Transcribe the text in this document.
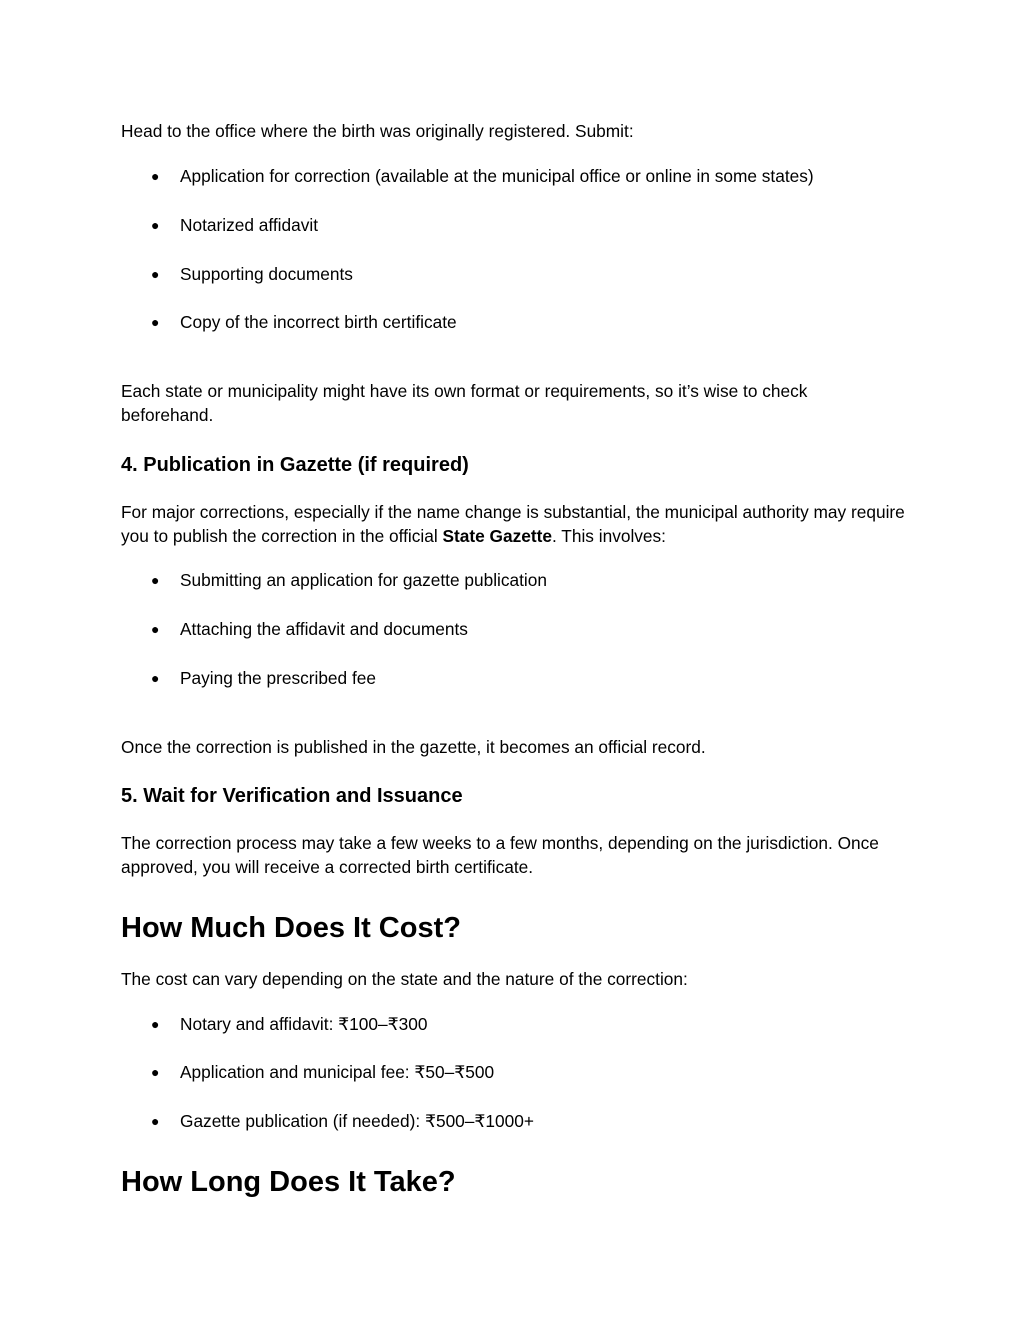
Head to the office where the birth was originally registered. Submit:

● Application for correction (available at the municipal office or online in some states)
● Notarized affidavit
● Supporting documents
● Copy of the incorrect birth certificate

Each state or municipality might have its own format or requirements, so it’s wise to check beforehand.

4. Publication in Gazette (if required)

For major corrections, especially if the name change is substantial, the municipal authority may require you to publish the correction in the official State Gazette. This involves:

● Submitting an application for gazette publication
● Attaching the affidavit and documents
● Paying the prescribed fee

Once the correction is published in the gazette, it becomes an official record.

5. Wait for Verification and Issuance

The correction process may take a few weeks to a few months, depending on the jurisdiction. Once approved, you will receive a corrected birth certificate.

How Much Does It Cost?

The cost can vary depending on the state and the nature of the correction:

● Notary and affidavit: ₹100–₹300
● Application and municipal fee: ₹50–₹500
● Gazette publication (if needed): ₹500–₹1000+
How Long Does It Take?
